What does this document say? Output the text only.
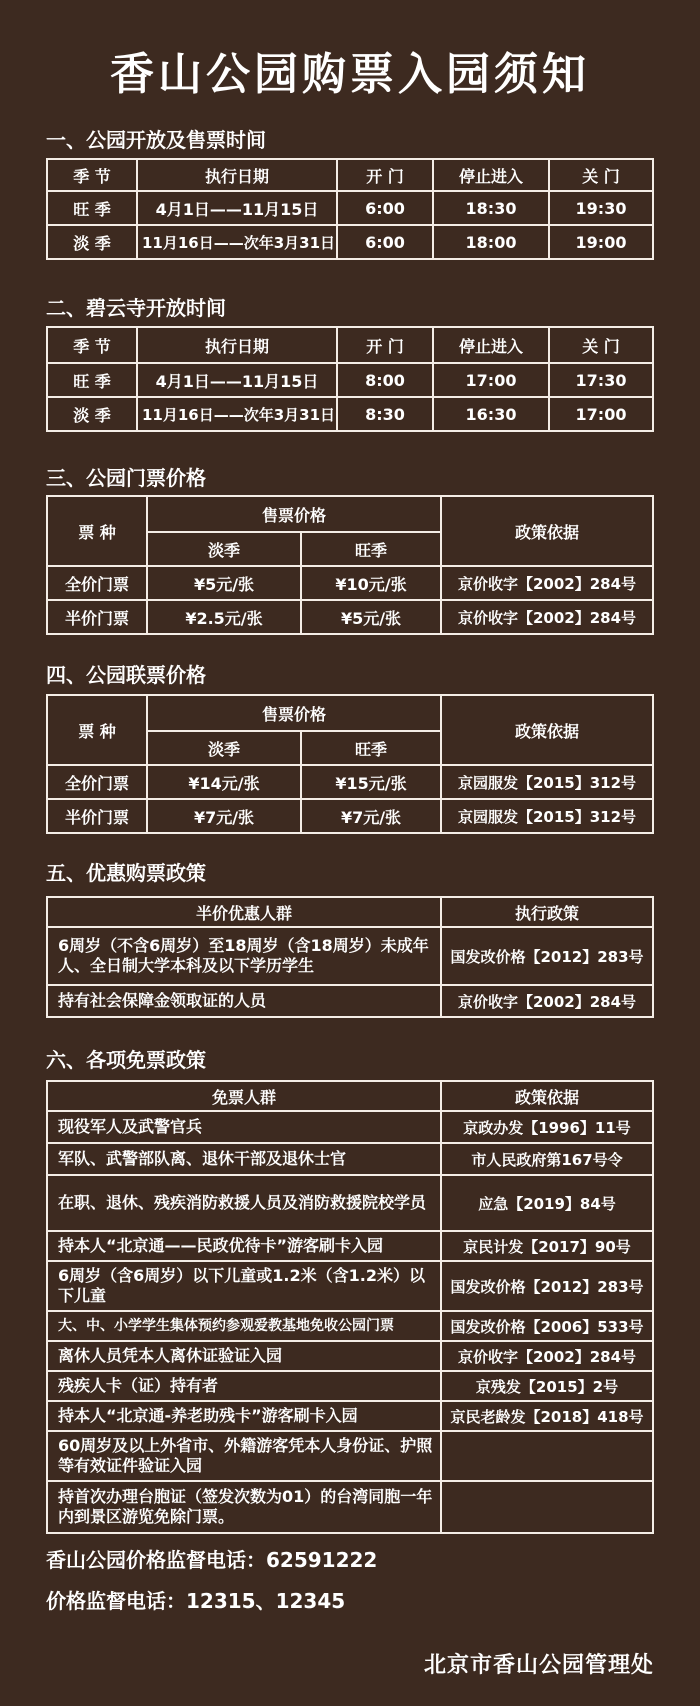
香山公园购票入园须知
一、公园开放及售票时间
季 节	执行日期	开 门	停止进入	关 门
旺 季	4月1日——11月15日	6:00	18:30	19:30
淡 季	11月16日——次年3月31日	6:00	18:00	19:00
二、碧云寺开放时间
季 节	执行日期	开 门	停止进入	关 门
旺 季	4月1日——11月15日	8:00	17:00	17:30
淡 季	11月16日——次年3月31日	8:30	16:30	17:00
三、公园门票价格
票 种	售票价格		政策依据
	淡季	旺季	
全价门票	¥5元/张	¥10元/张	京价收字【2002】284号
半价门票	¥2.5元/张	¥5元/张	京价收字【2002】284号
四、公园联票价格
票 种	售票价格		政策依据
	淡季	旺季	
全价门票	¥14元/张	¥15元/张	京园服发【2015】312号
半价门票	¥7元/张	¥7元/张	京园服发【2015】312号
五、优惠购票政策
半价优惠人群	执行政策
6周岁（不含6周岁）至18周岁（含18周岁）未成年人、全日制大学本科及以下学历学生	国发改价格【2012】283号
持有社会保障金领取证的人员	京价收字【2002】284号
六、各项免票政策
免票人群	政策依据
现役军人及武警官兵	京政办发【1996】11号
军队、武警部队离、退休干部及退休士官	市人民政府第167号令
在职、退休、残疾消防救援人员及消防救援院校学员	应急【2019】84号
持本人“北京通——民政优待卡”游客刷卡入园	京民计发【2017】90号
6周岁（含6周岁）以下儿童或1.2米（含1.2米）以下儿童	国发改价格【2012】283号
大、中、小学学生集体预约参观爱教基地免收公园门票	国发改价格【2006】533号
离休人员凭本人离休证验证入园	京价收字【2002】284号
残疾人卡（证）持有者	京残发【2015】2号
持本人“北京通-养老助残卡”游客刷卡入园	京民老龄发【2018】418号
60周岁及以上外省市、外籍游客凭本人身份证、护照等有效证件验证入园	
持首次办理台胞证（签发次数为01）的台湾同胞一年内到景区游览免除门票。	
香山公园价格监督电话：62591222
价格监督电话：12315、12345
北京市香山公园管理处
